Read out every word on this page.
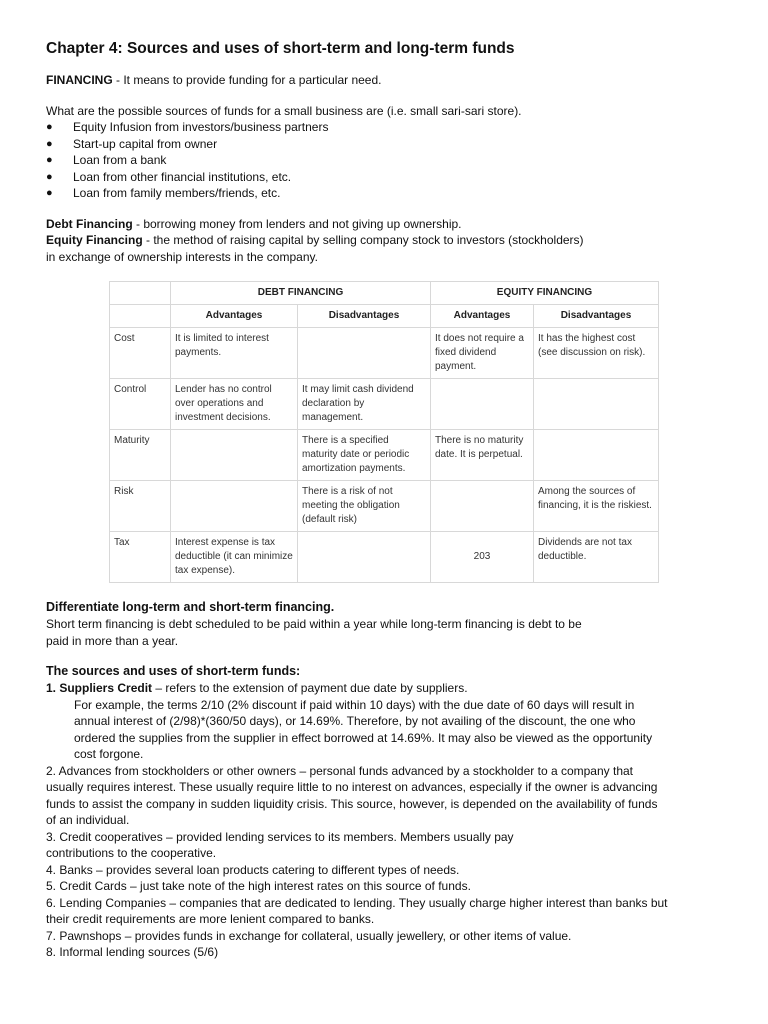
Chapter 4: Sources and uses of short-term and long-term funds

FINANCING - It means to provide funding for a particular need.

What are the possible sources of funds for a small business are (i.e. small sari-sari store).

● Equity Infusion from investors/business partners
● Start-up capital from owner
● Loan from a bank
● Loan from other financial institutions, etc.
● Loan from family members/friends, etc.

Debt Financing - borrowing money from lenders and not giving up ownership.

Equity Financing - the method of raising capital by selling company stock to investors (stockholders)

in exchange of ownership interests in the company.

	DEBT FINANCING		EQUITY FINANCING	
	Advantages	Disadvantages	Advantages	Disadvantages
Cost	It is limited to interest payments.		It does not require a fixed dividend payment.	It has the highest cost (see discussion on risk).
Control	Lender has no control over operations and investment decisions.	It may limit cash dividend declaration by management.		
Maturity		There is a specified maturity date or periodic amortization payments.	There is no maturity date. It is perpetual.	
Risk		There is a risk of not meeting the obligation (default risk)		Among the sources of financing, it is the riskiest.
Tax	Interest expense is tax deductible (it can minimize tax expense).		203	Dividends are not tax deductible.
Differentiate long-term and short-term financing.

Short term financing is debt scheduled to be paid within a year while long-term financing is debt to be

paid in more than a year.

The sources and uses of short-term funds:
1. Suppliers Credit – refers to the extension of payment due date by suppliers.
For example, the terms 2/10 (2% discount if paid within 10 days) with the due date of 60 days will result in
annual interest of (2/98)*(360/50 days), or 14.69%. Therefore, by not availing of the discount, the one who
ordered the supplies from the supplier in effect borrowed at 14.69%. It may also be viewed as the opportunity
cost forgone.
2. Advances from stockholders or other owners – personal funds advanced by a stockholder to a company that
usually requires interest. These usually require little to no interest on advances, especially if the owner is advancing
funds to assist the company in sudden liquidity crisis. This source, however, is depended on the availability of funds
of an individual.
3. Credit cooperatives – provided lending services to its members. Members usually pay
contributions to the cooperative.
4. Banks – provides several loan products catering to different types of needs.
5. Credit Cards – just take note of the high interest rates on this source of funds.
6. Lending Companies – companies that are dedicated to lending. They usually charge higher interest than banks but
their credit requirements are more lenient compared to banks.
7. Pawnshops – provides funds in exchange for collateral, usually jewellery, or other items of value.
8. Informal lending sources (5/6)
